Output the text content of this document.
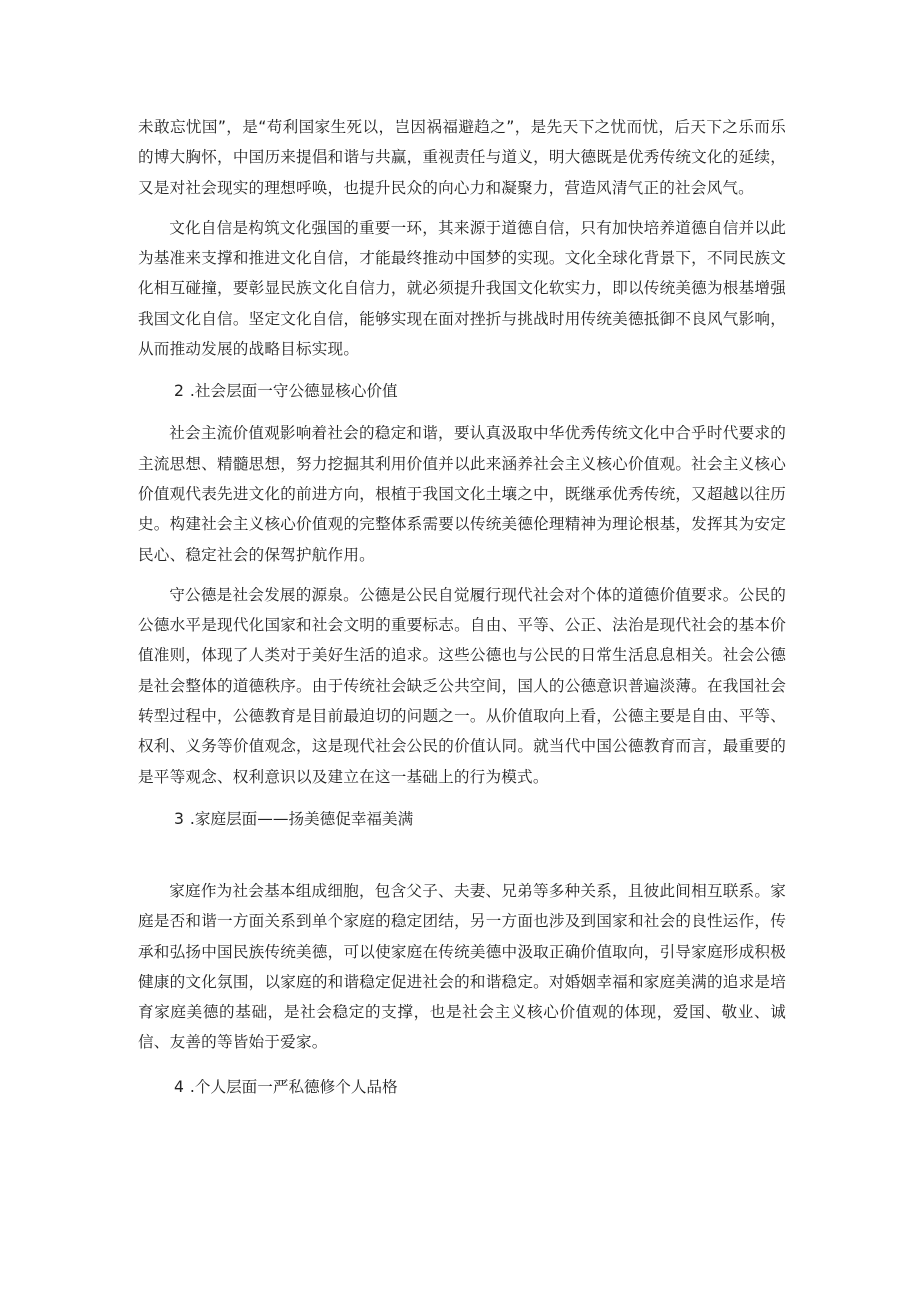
未敢忘忧国”，是“苟利国家生死以，岂因祸福避趋之”，是先天下之忧而忧，后天下之乐而乐的博大胸怀，中国历来提倡和谐与共赢，重视责任与道义，明大德既是优秀传统文化的延续，又是对社会现实的理想呼唤，也提升民众的向心力和凝聚力，营造风清气正的社会风气。

文化自信是构筑文化强国的重要一环，其来源于道德自信，只有加快培养道德自信并以此为基准来支撑和推进文化自信，才能最终推动中国梦的实现。文化全球化背景下，不同民族文化相互碰撞，要彰显民族文化自信力，就必须提升我国文化软实力，即以传统美德为根基增强我国文化自信。坚定文化自信，能够实现在面对挫折与挑战时用传统美德抵御不良风气影响，从而推动发展的战略目标实现。

2 .社会层面一守公德显核心价值

社会主流价值观影响着社会的稳定和谐，要认真汲取中华优秀传统文化中合乎时代要求的主流思想、精髓思想，努力挖掘其利用价值并以此来涵养社会主义核心价值观。社会主义核心价值观代表先进文化的前进方向，根植于我国文化土壤之中，既继承优秀传统，又超越以往历史。构建社会主义核心价值观的完整体系需要以传统美德伦理精神为理论根基，发挥其为安定民心、稳定社会的保驾护航作用。

守公德是社会发展的源泉。公德是公民自觉履行现代社会对个体的道德价值要求。公民的公德水平是现代化国家和社会文明的重要标志。自由、平等、公正、法治是现代社会的基本价值准则，体现了人类对于美好生活的追求。这些公德也与公民的日常生活息息相关。社会公德是社会整体的道德秩序。由于传统社会缺乏公共空间，国人的公德意识普遍淡薄。在我国社会转型过程中，公德教育是目前最迫切的问题之一。从价值取向上看，公德主要是自由、平等、权利、义务等价值观念，这是现代社会公民的价值认同。就当代中国公德教育而言，最重要的是平等观念、权利意识以及建立在这一基础上的行为模式。

3 .家庭层面——扬美德促幸福美满

家庭作为社会基本组成细胞，包含父子、夫妻、兄弟等多种关系，且彼此间相互联系。家庭是否和谐一方面关系到单个家庭的稳定团结，另一方面也涉及到国家和社会的良性运作，传承和弘扬中国民族传统美德，可以使家庭在传统美德中汲取正确价值取向，引导家庭形成积极健康的文化氛围，以家庭的和谐稳定促进社会的和谐稳定。对婚姻幸福和家庭美满的追求是培育家庭美德的基础，是社会稳定的支撑，也是社会主义核心价值观的体现，爱国、敬业、诚信、友善的等皆始于爱家。

4 .个人层面一严私德修个人品格
